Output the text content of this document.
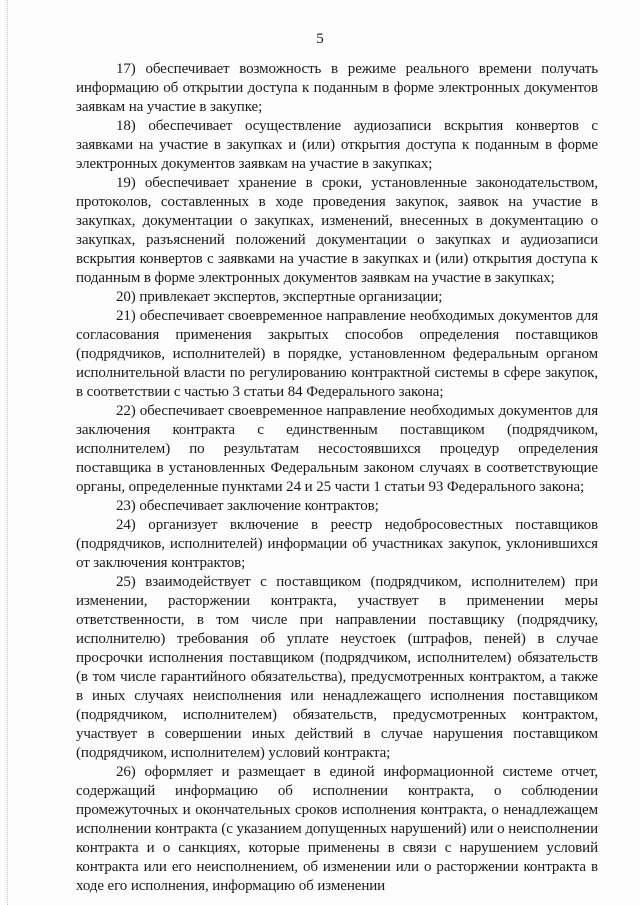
5

17) обеспечивает возможность в режиме реального времени получать информацию об открытии доступа к поданным в форме электронных документов заявкам на участие в закупке;

18) обеспечивает осуществление аудиозаписи вскрытия конвертов с заявками на участие в закупках и (или) открытия доступа к поданным в форме электронных документов заявкам на участие в закупках;

19) обеспечивает хранение в сроки, установленные законодательством, протоколов, составленных в ходе проведения закупок, заявок на участие в закупках, документации о закупках, изменений, внесенных в документацию о закупках, разъяснений положений документации о закупках и аудиозаписи вскрытия конвертов с заявками на участие в закупках и (или) открытия доступа к поданным в форме электронных документов заявкам на участие в закупках;

20) привлекает экспертов, экспертные организации;

21) обеспечивает своевременное направление необходимых документов для согласования применения закрытых способов определения поставщиков (подрядчиков, исполнителей) в порядке, установленном федеральным органом исполнительной власти по регулированию контрактной системы в сфере закупок, в соответствии с частью 3 статьи 84 Федерального закона;

22) обеспечивает своевременное направление необходимых документов для заключения контракта с единственным поставщиком (подрядчиком, исполнителем) по результатам несостоявшихся процедур определения поставщика в установленных Федеральным законом случаях в соответствующие органы, определенные пунктами 24 и 25 части 1 статьи 93 Федерального закона;

23) обеспечивает заключение контрактов;

24) организует включение в реестр недобросовестных поставщиков (подрядчиков, исполнителей) информации об участниках закупок, уклонившихся от заключения контрактов;

25) взаимодействует с поставщиком (подрядчиком, исполнителем) при изменении, расторжении контракта, участвует в применении меры ответственности, в том числе при направлении поставщику (подрядчику, исполнителю) требования об уплате неустоек (штрафов, пеней) в случае просрочки исполнения поставщиком (подрядчиком, исполнителем) обязательств (в том числе гарантийного обязательства), предусмотренных контрактом, а также в иных случаях неисполнения или ненадлежащего исполнения поставщиком (подрядчиком, исполнителем) обязательств, предусмотренных контрактом, участвует в совершении иных действий в случае нарушения поставщиком (подрядчиком, исполнителем) условий контракта;

26) оформляет и размещает в единой информационной системе отчет, содержащий информацию об исполнении контракта, о соблюдении промежуточных и окончательных сроков исполнения контракта, о ненадлежащем исполнении контракта (с указанием допущенных нарушений) или о неисполнении контракта и о санкциях, которые применены в связи с нарушением условий контракта или его неисполнением, об изменении или о расторжении контракта в ходе его исполнения, информацию об изменении
